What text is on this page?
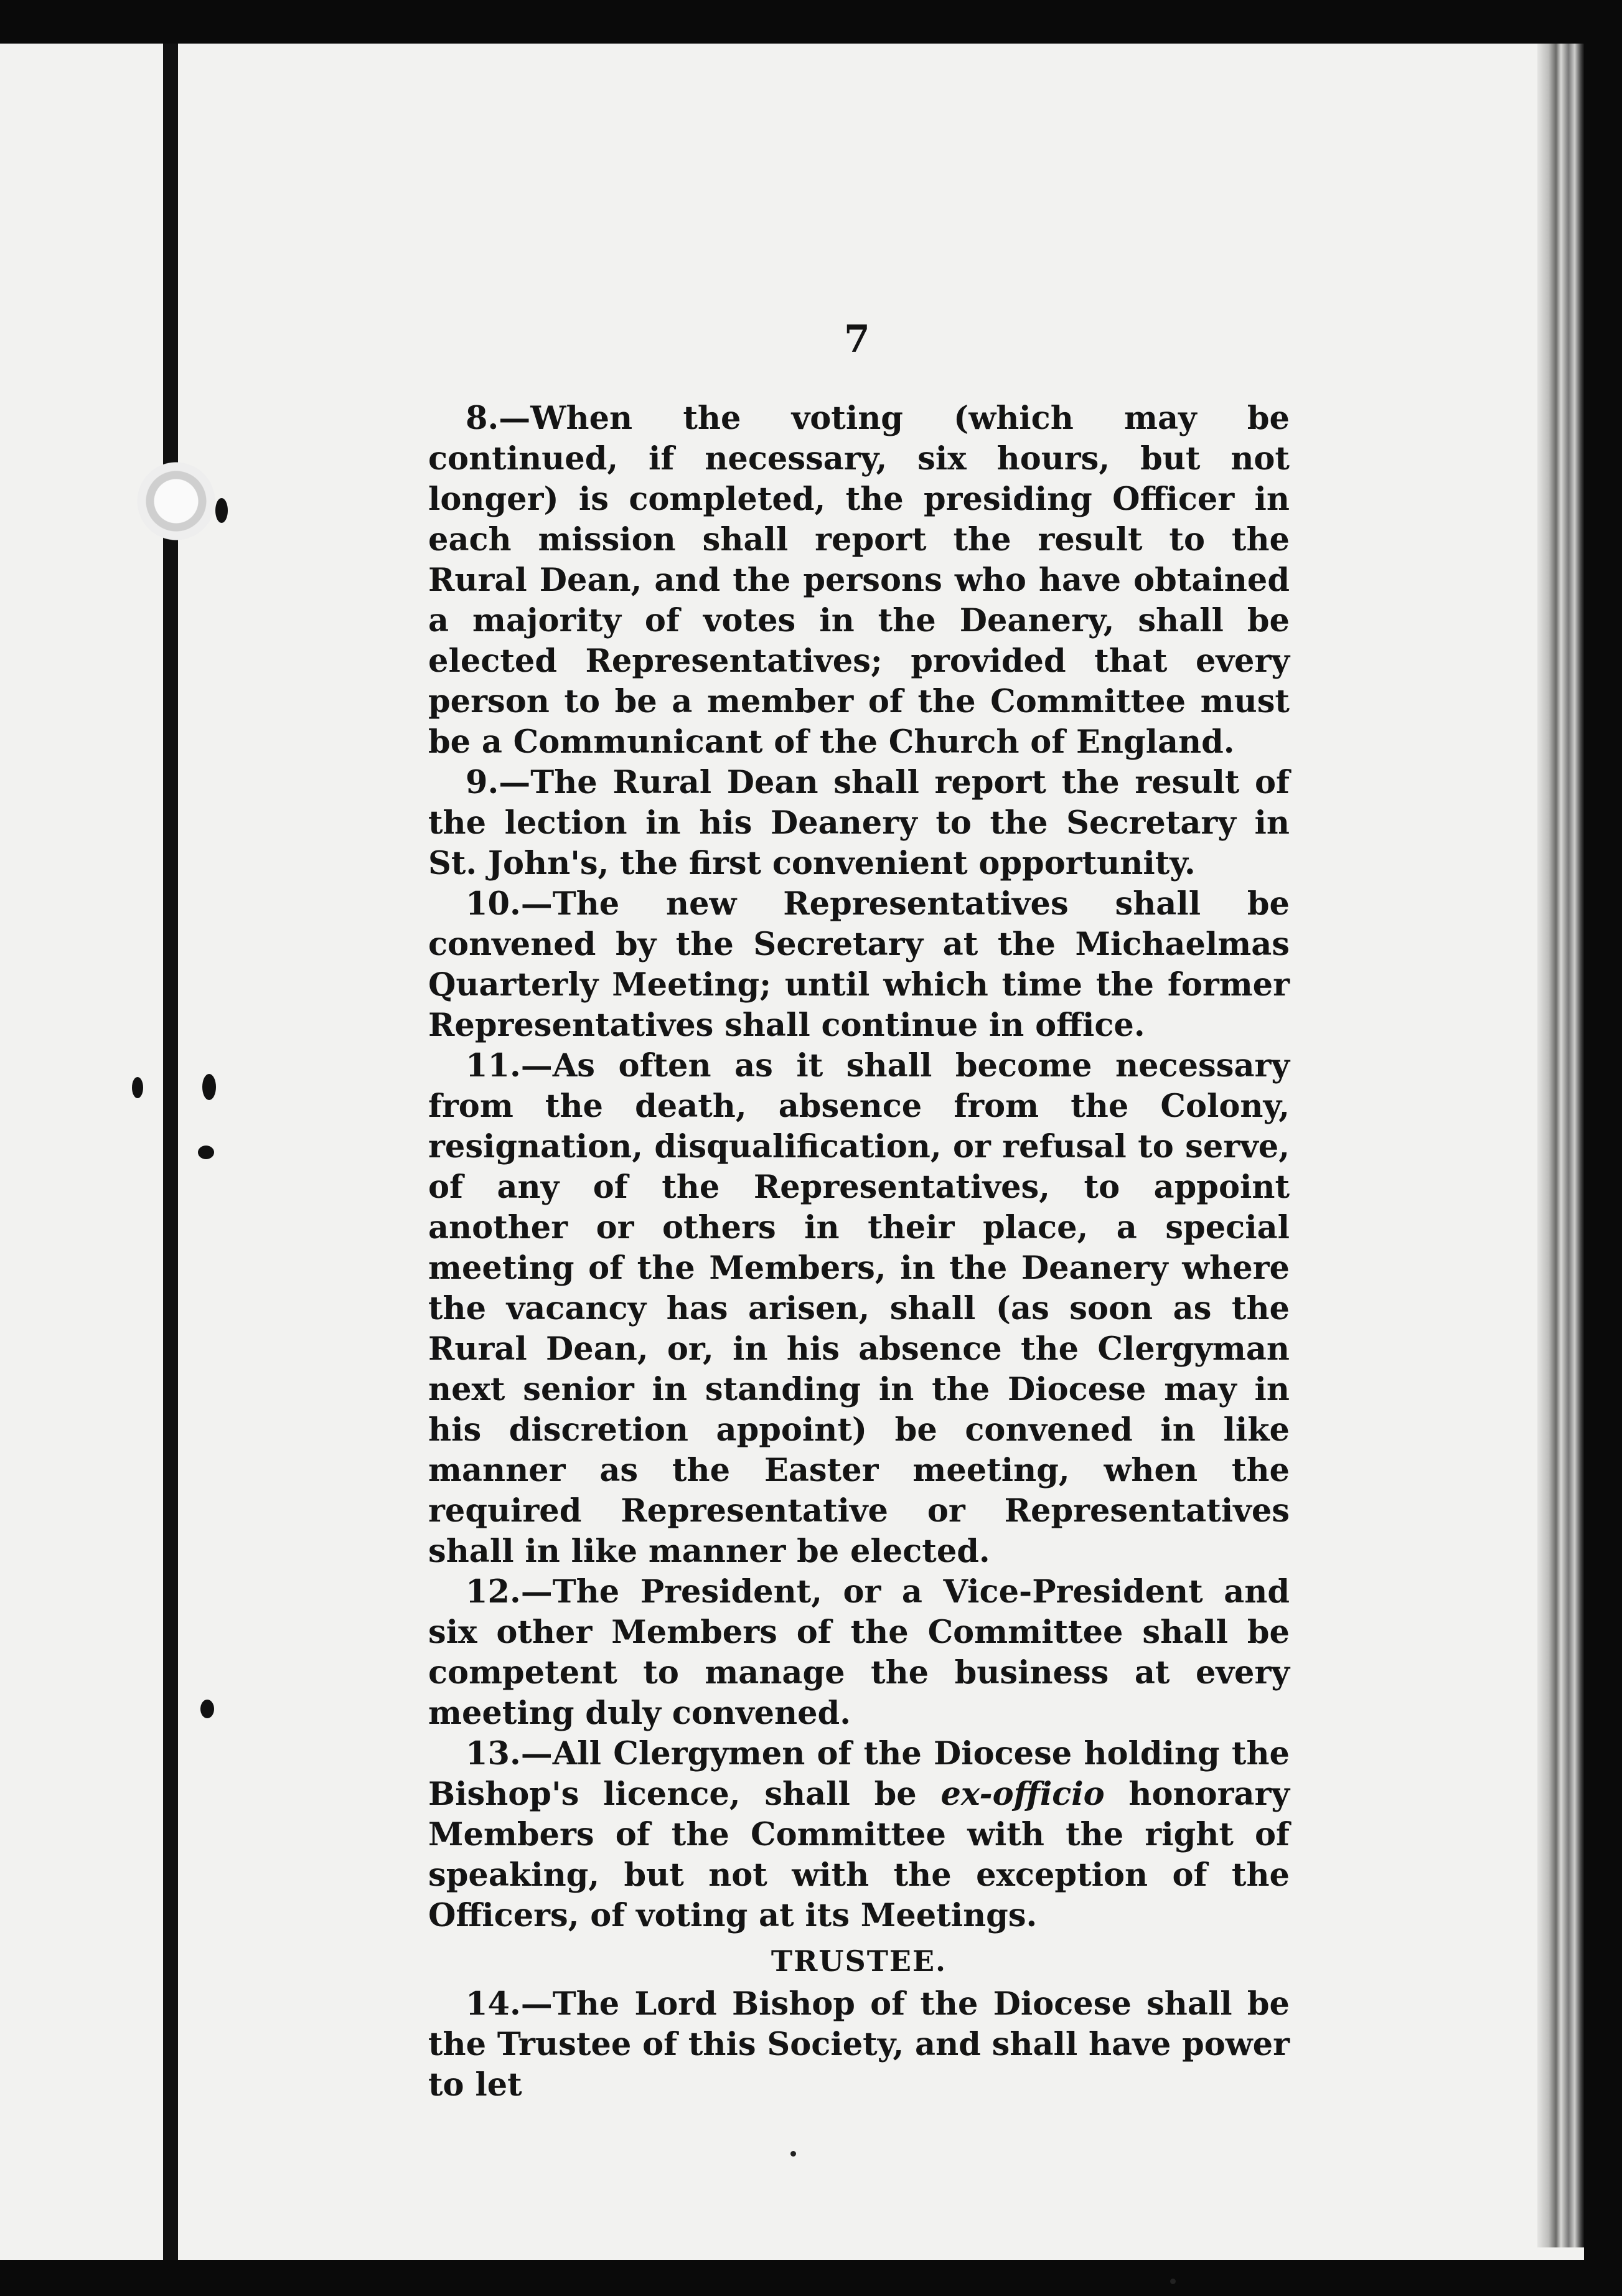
7

8.—When the voting (which may be continued, if necessary, six hours, but not longer) is completed, the presiding Officer in each mission shall report the result to the Rural Dean, and the persons who have obtained a majority of votes in the Deanery, shall be elected Representatives; provided that every person to be a member of the Committee must be a Communicant of the Church of England.

9.—The Rural Dean shall report the result of the lection in his Deanery to the Secretary in St. John's, the first convenient opportunity.

10.—The new Representatives shall be convened by the Secretary at the Michaelmas Quarterly Meeting; until which time the former Representatives shall continue in office.

11.—As often as it shall become necessary from the death, absence from the Colony, resignation, disqualification, or refusal to serve, of any of the Representatives, to appoint another or others in their place, a special meeting of the Members, in the Deanery where the vacancy has arisen, shall (as soon as the Rural Dean, or, in his absence the Clergyman next senior in standing in the Diocese may in his discretion appoint) be convened in like manner as the Easter meeting, when the required Representative or Representatives shall in like manner be elected.

12.—The President, or a Vice-President and six other Members of the Committee shall be competent to manage the business at every meeting duly convened.

13.—All Clergymen of the Diocese holding the Bishop's licence, shall be ex-officio honorary Members of the Committee with the right of speaking, but not with the exception of the Officers, of voting at its Meetings.

TRUSTEE.

14.—The Lord Bishop of the Diocese shall be the Trustee of this Society, and shall have power to let
